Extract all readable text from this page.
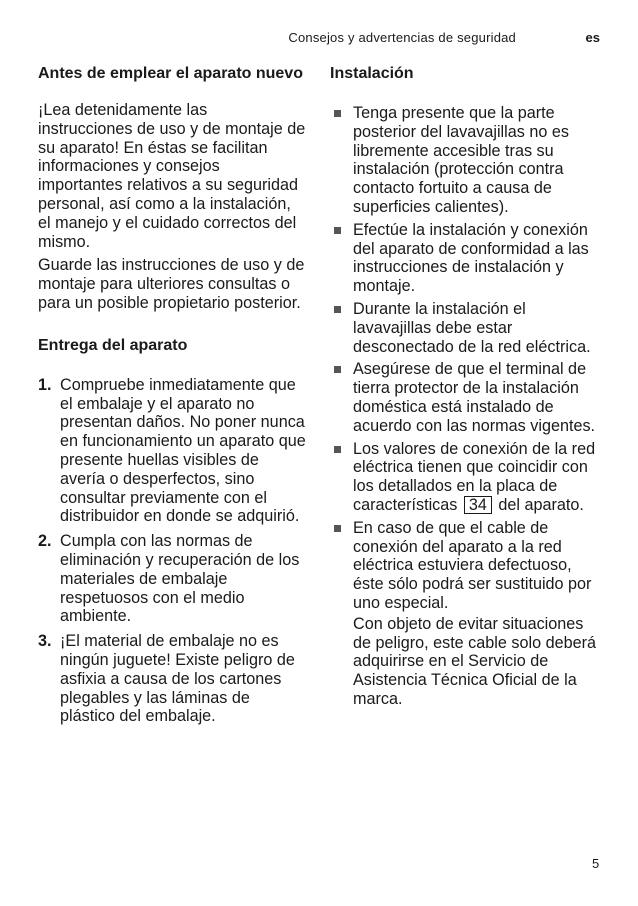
Consejos y advertencias de seguridad	es
Antes de emplear el aparato nuevo

¡Lea detenidamente las instrucciones de uso y de montaje de su aparato! En éstas se facilitan informaciones y consejos importantes relativos a su seguridad personal, así como a la instalación, el manejo y el cuidado correctos del mismo.

Guarde las instrucciones de uso y de montaje para ulteriores consultas o para un posible propietario posterior.

Entrega del aparato
1. Compruebe inmediatamente que el embalaje y el aparato no presentan daños. No poner nunca en funcionamiento un aparato que presente huellas visibles de avería o desperfectos, sino consultar previamente con el distribuidor en donde se adquirió.
2. Cumpla con las normas de eliminación y recuperación de los materiales de embalaje respetuosos con el medio ambiente.
3. ¡El material de embalaje no es ningún juguete! Existe peligro de asfixia a causa de los cartones plegables y las láminas de plástico del embalaje.
Instalación
Tenga presente que la parte posterior del lavavajillas no es libremente accesible tras su instalación (protección contra contacto fortuito a causa de superficies calientes).
Efectúe la instalación y conexión del aparato de conformidad a las instrucciones de instalación y montaje.
Durante la instalación el lavavajillas debe estar desconectado de la red eléctrica.
Asegúrese de que el terminal de tierra protector de la instalación doméstica está instalado de acuerdo con las normas vigentes.
Los valores de conexión de la red eléctrica tienen que coincidir con los detallados en la placa de características 34 del aparato.
En caso de que el cable de conexión del aparato a la red eléctrica estuviera defectuoso, éste sólo podrá ser sustituido por uno especial.
Con objeto de evitar situaciones de peligro, este cable solo deberá adquirirse en el Servicio de Asistencia Técnica Oficial de la marca.
5
